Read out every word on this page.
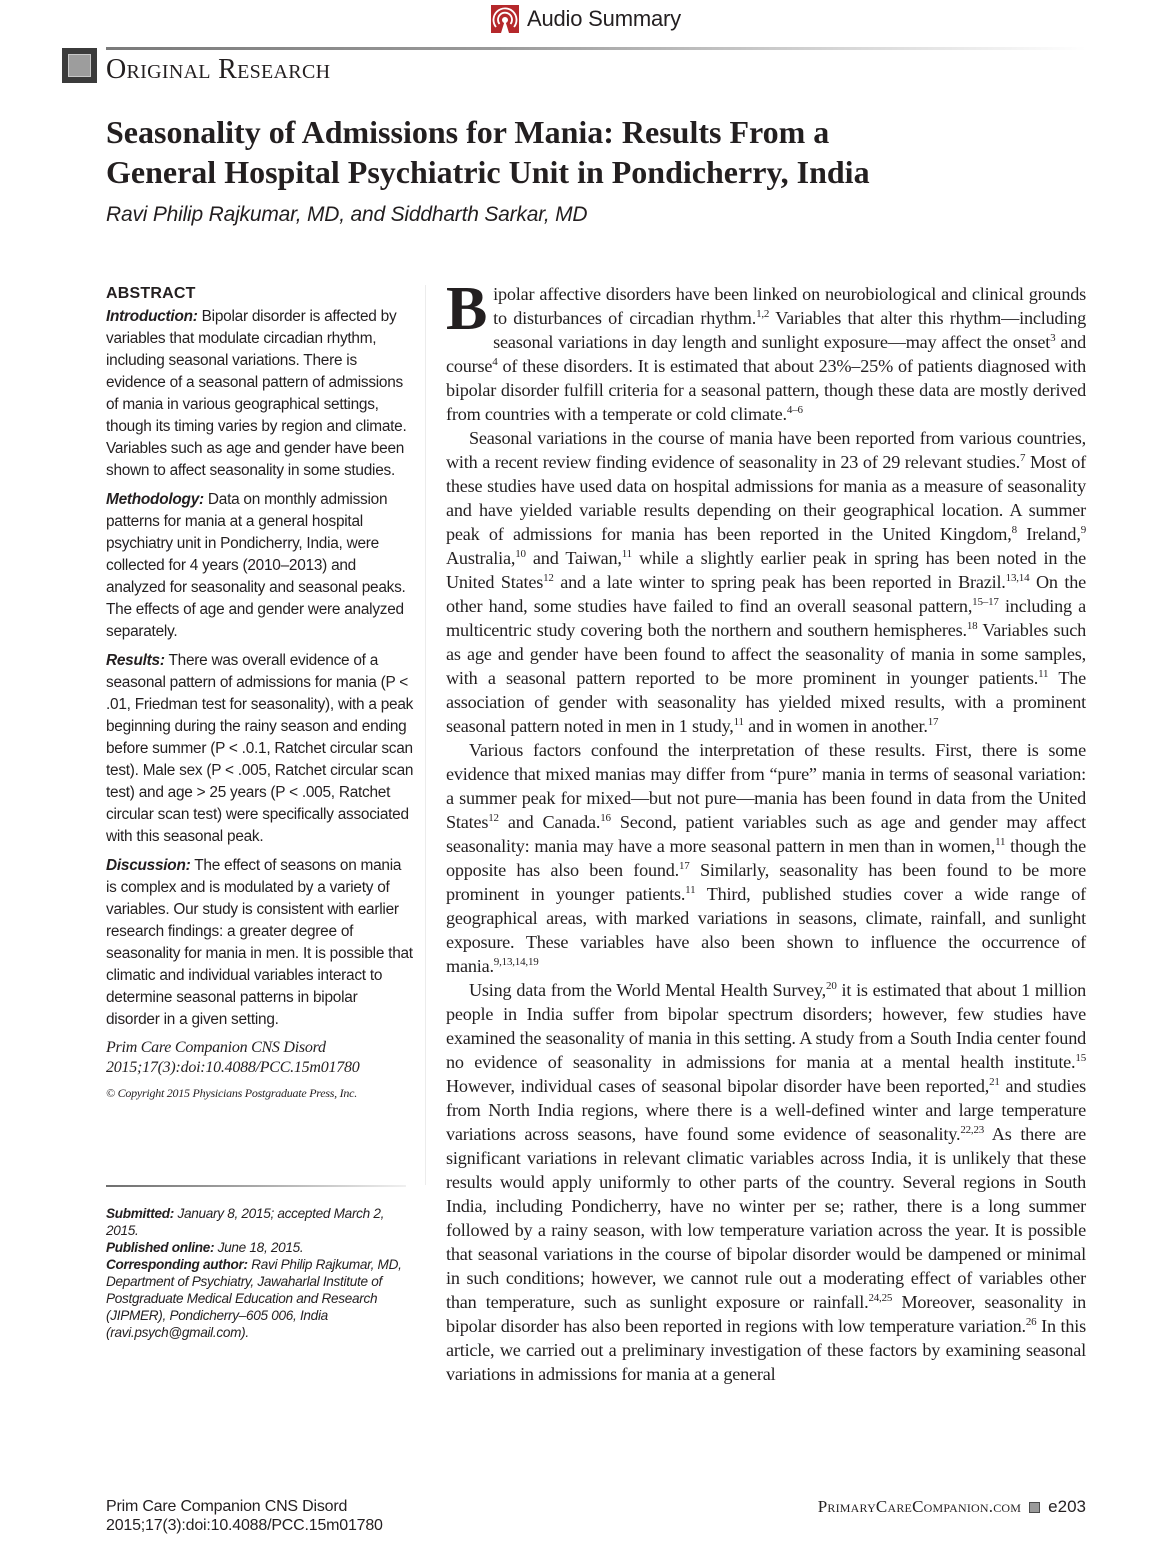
Audio Summary
Original Research
Seasonality of Admissions for Mania: Results From a
General Hospital Psychiatric Unit in Pondicherry, India
Ravi Philip Rajkumar, MD, and Siddharth Sarkar, MD
ABSTRACT

Introduction: Bipolar disorder is affected by variables that modulate circadian rhythm, including seasonal variations. There is evidence of a seasonal pattern of admissions of mania in various geographical settings, though its timing varies by region and climate. Variables such as age and gender have been shown to affect seasonality in some studies.

Methodology: Data on monthly admission patterns for mania at a general hospital psychiatry unit in Pondicherry, India, were collected for 4 years (2010–2013) and analyzed for seasonality and seasonal peaks. The effects of age and gender were analyzed separately.

Results: There was overall evidence of a seasonal pattern of admissions for mania (P < .01, Friedman test for seasonality), with a peak beginning during the rainy season and ending before summer (P < .0.1, Ratchet circular scan test). Male sex (P < .005, Ratchet circular scan test) and age > 25 years (P < .005, Ratchet circular scan test) were specifically associated with this seasonal peak.

Discussion: The effect of seasons on mania is complex and is modulated by a variety of variables. Our study is consistent with earlier research findings: a greater degree of seasonality for mania in men. It is possible that climatic and individual variables interact to determine seasonal patterns in bipolar disorder in a given setting.

Prim Care Companion CNS Disord
2015;17(3):doi:10.4088/PCC.15m01780
© Copyright 2015 Physicians Postgraduate Press, Inc.
Submitted: January 8, 2015; accepted March 2, 2015.
Published online: June 18, 2015.
Corresponding author: Ravi Philip Rajkumar, MD, Department of Psychiatry, Jawaharlal Institute of Postgraduate Medical Education and Research (JIPMER), Pondicherry–605 006, India (ravi.psych@gmail.com).

Bipolar affective disorders have been linked on neurobiological and clinical grounds to disturbances of circadian rhythm.$^{1,2}$ Variables that alter this rhythm—including seasonal variations in day length and sunlight exposure—may affect the onset$^3$ and course$^4$ of these disorders. It is estimated that about 23%–25% of patients diagnosed with bipolar disorder fulfill criteria for a seasonal pattern, though these data are mostly derived from countries with a temperate or cold climate.$^{4-6}$

Seasonal variations in the course of mania have been reported from various countries, with a recent review finding evidence of seasonality in 23 of 29 relevant studies.$^7$ Most of these studies have used data on hospital admissions for mania as a measure of seasonality and have yielded variable results depending on their geographical location. A summer peak of admissions for mania has been reported in the United Kingdom,$^8$ Ireland,$^9$ Australia,$^{10}$ and Taiwan,$^{11}$ while a slightly earlier peak in spring has been noted in the United States$^{12}$ and a late winter to spring peak has been reported in Brazil.$^{13,14}$ On the other hand, some studies have failed to find an overall seasonal pattern,$^{15-17}$ including a multicentric study covering both the northern and southern hemispheres.$^{18}$ Variables such as age and gender have been found to affect the seasonality of mania in some samples, with a seasonal pattern reported to be more prominent in younger patients.$^{11}$ The association of gender with seasonality has yielded mixed results, with a prominent seasonal pattern noted in men in 1 study,$^{11}$ and in women in another.$^{17}$

Various factors confound the interpretation of these results. First, there is some evidence that mixed manias may differ from “pure” mania in terms of seasonal variation: a summer peak for mixed—but not pure—mania has been found in data from the United States$^{12}$ and Canada.$^{16}$ Second, patient variables such as age and gender may affect seasonality: mania may have a more seasonal pattern in men than in women,$^{11}$ though the opposite has also been found.$^{17}$ Similarly, seasonality has been found to be more prominent in younger patients.$^{11}$ Third, published studies cover a wide range of geographical areas, with marked variations in seasons, climate, rainfall, and sunlight exposure. These variables have also been shown to influence the occurrence of mania.$^{9,13,14,19}$

Using data from the World Mental Health Survey,$^{20}$ it is estimated that about 1 million people in India suffer from bipolar spectrum disorders; however, few studies have examined the seasonality of mania in this setting. A study from a South India center found no evidence of seasonality in admissions for mania at a mental health institute.$^{15}$ However, individual cases of seasonal bipolar disorder have been reported,$^{21}$ and studies from North India regions, where there is a well-defined winter and large temperature variations across seasons, have found some evidence of seasonality.$^{22,23}$ As there are significant variations in relevant climatic variables across India, it is unlikely that these results would apply uniformly to other parts of the country. Several regions in South India, including Pondicherry, have no winter per se; rather, there is a long summer followed by a rainy season, with low temperature variation across the year. It is possible that seasonal variations in the course of bipolar disorder would be dampened or minimal in such conditions; however, we cannot rule out a moderating effect of variables other than temperature, such as sunlight exposure or rainfall.$^{24,25}$ Moreover, seasonality in bipolar disorder has also been reported in regions with low temperature variation.$^{26}$ In this article, we carried out a preliminary investigation of these factors by examining seasonal variations in admissions for mania at a general

Prim Care Companion CNS Disord
2015;17(3):doi:10.4088/PCC.15m01780
PrimaryCareCompanion.com e203
